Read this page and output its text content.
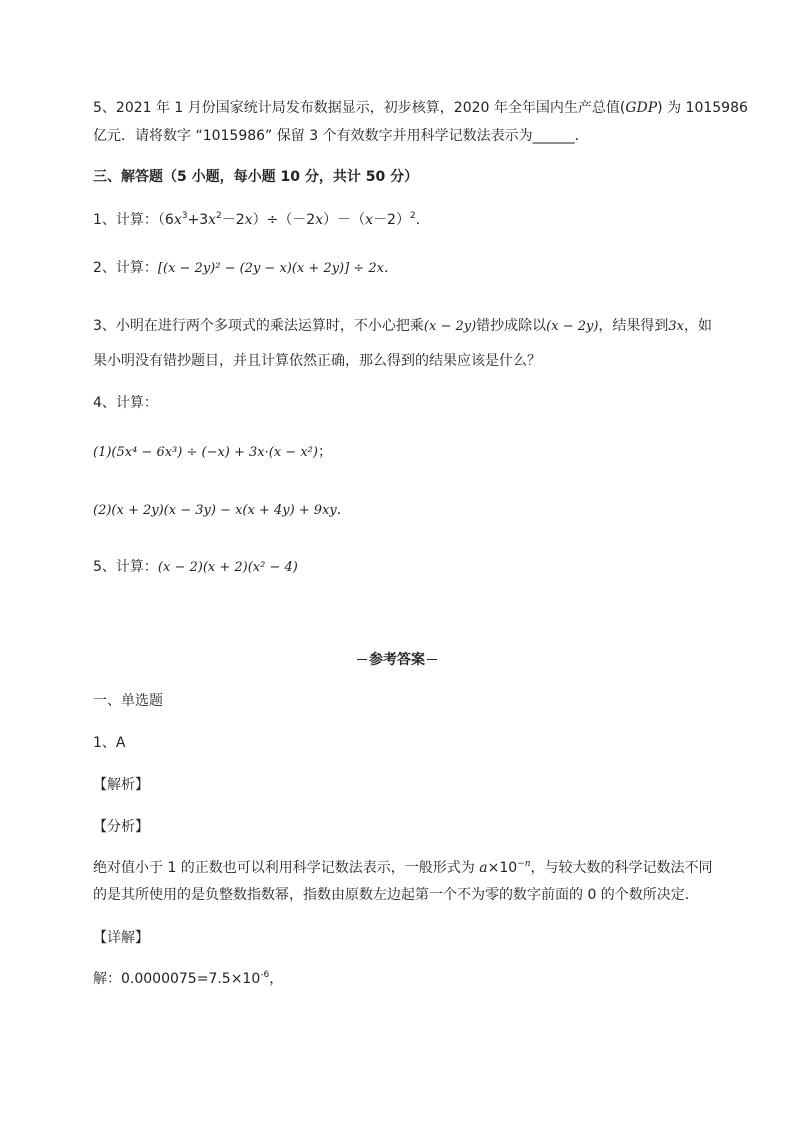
5、2021 年 1 月份国家统计局发布数据显示，初步核算，2020 年全年国内生产总值(GDP) 为 1015986
亿元．请将数字 “1015986” 保留 3 个有效数字并用科学记数法表示为______．
三、解答题（5 小题，每小题 10 分，共计 50 分）
1、计算：$(6x^3+3x^2-2x)\div(-2x)-(x-2)^2$．
2、计算：[(x − 2y)² − (2y − x)(x + 2y)] ÷ 2x．
3、小明在进行两个多项式的乘法运算时，不小心把乘(x − 2y)错抄成除以(x − 2y)，结果得到3x，如
果小明没有错抄题目，并且计算依然正确，那么得到的结果应该是什么？
4、计算：
(1)(5x⁴ − 6x³) ÷ (−x) + 3x·(x − x²)；
(2)(x + 2y)(x − 3y) − x(x + 4y) + 9xy．
5、计算：(x − 2)(x + 2)(x² − 4)
参考答案
一、单选题
1、A
【解析】
【分析】
绝对值小于 1 的正数也可以利用科学记数法表示，一般形式为 $a\times 10^{-n}$，与较大数的科学记数法不同
的是其所使用的是负整数指数幂，指数由原数左边起第一个不为零的数字前面的 0 的个数所决定．
【详解】
解：$0.0000075=7.5\times 10^{-6}$，
